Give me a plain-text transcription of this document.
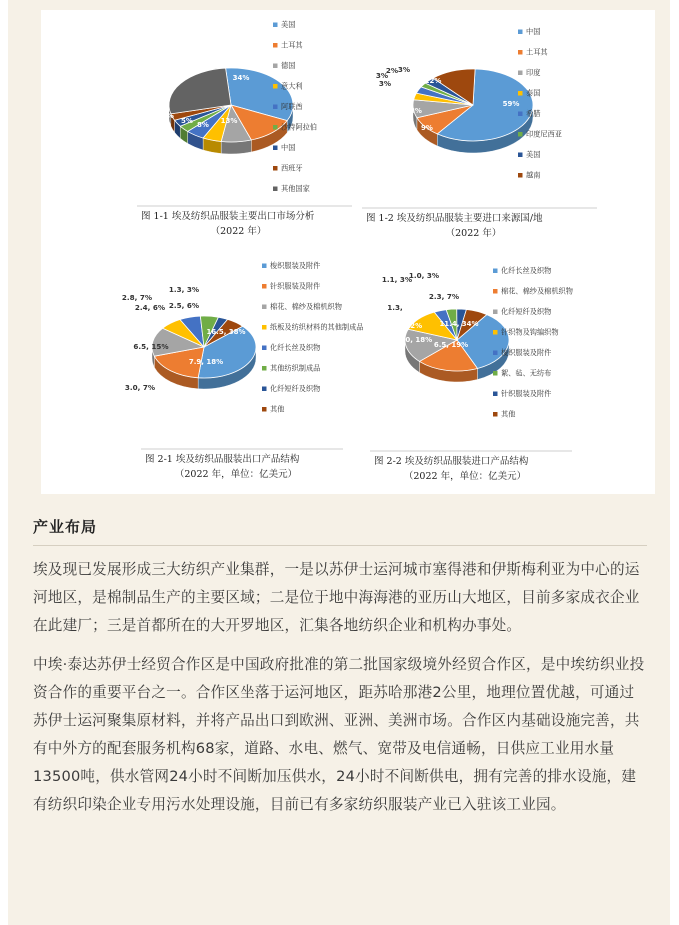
34%
13%
8%
5%
5%
3%
3%
3%
28%
美国
土耳其
德国
意大利
阿联酋
沙特阿拉伯
中国
西班牙
其他国家
图 1-1 埃及纺织品服装主要出口市场分析
（2022 年）
59%
9%
8%
3%
3%
2% 3%
12%
中国
土耳其
印度
泰国
希腊
印度尼西亚
美国
越南
图 1-2 埃及纺织品服装主要进口来源国/地
（2022 年）
16.5, 38%
7.9, 18%
6.5, 15%
3.0, 7%
2.8, 7%
2.4, 6%
1.3, 3%
2.5, 6%
梭织服装及附件
针织服装及附件
棉花、棉纱及棉机织物
纸板及纺织材料的其他制成品
化纤长丝及织物
其他纺织制成品
化纤短纤及织物
其他
图 2-1 埃及纺织品服装出口产品结构
（2022 年，单位：亿美元）
11.4, 34%
6.5, 19%
6.0, 18%
4.1, 12%
1.3,
1.1, 3%
1.0, 3%
2.3, 7%
化纤长丝及织物
棉花、棉纱及棉机织物
化纤短纤及织物
针织物及钩编织物
梭织服装及附件
絮、毡、无纺布
针织服装及附件
其他
图 2-2 埃及纺织品服装进口产品结构
（2022 年，单位：亿美元）
产业布局

埃及现已发展形成三大纺织产业集群，一是以苏伊士运河城市塞得港和伊斯梅利亚为中心的运河地区，是棉制品生产的主要区域；二是位于地中海海港的亚历山大地区，目前多家成衣企业在此建厂；三是首都所在的大开罗地区，汇集各地纺织企业和机构办事处。

中埃·泰达苏伊士经贸合作区是中国政府批准的第二批国家级境外经贸合作区，是中埃纺织业投资合作的重要平台之一。合作区坐落于运河地区，距苏哈那港2公里，地理位置优越，可通过苏伊士运河聚集原材料，并将产品出口到欧洲、亚洲、美洲市场。合作区内基础设施完善，共有中外方的配套服务机构68家，道路、水电、燃气、宽带及电信通畅，日供应工业用水量13500吨，供水管网24小时不间断加压供水，24小时不间断供电，拥有完善的排水设施，建有纺织印染企业专用污水处理设施，目前已有多家纺织服装产业已入驻该工业园。
